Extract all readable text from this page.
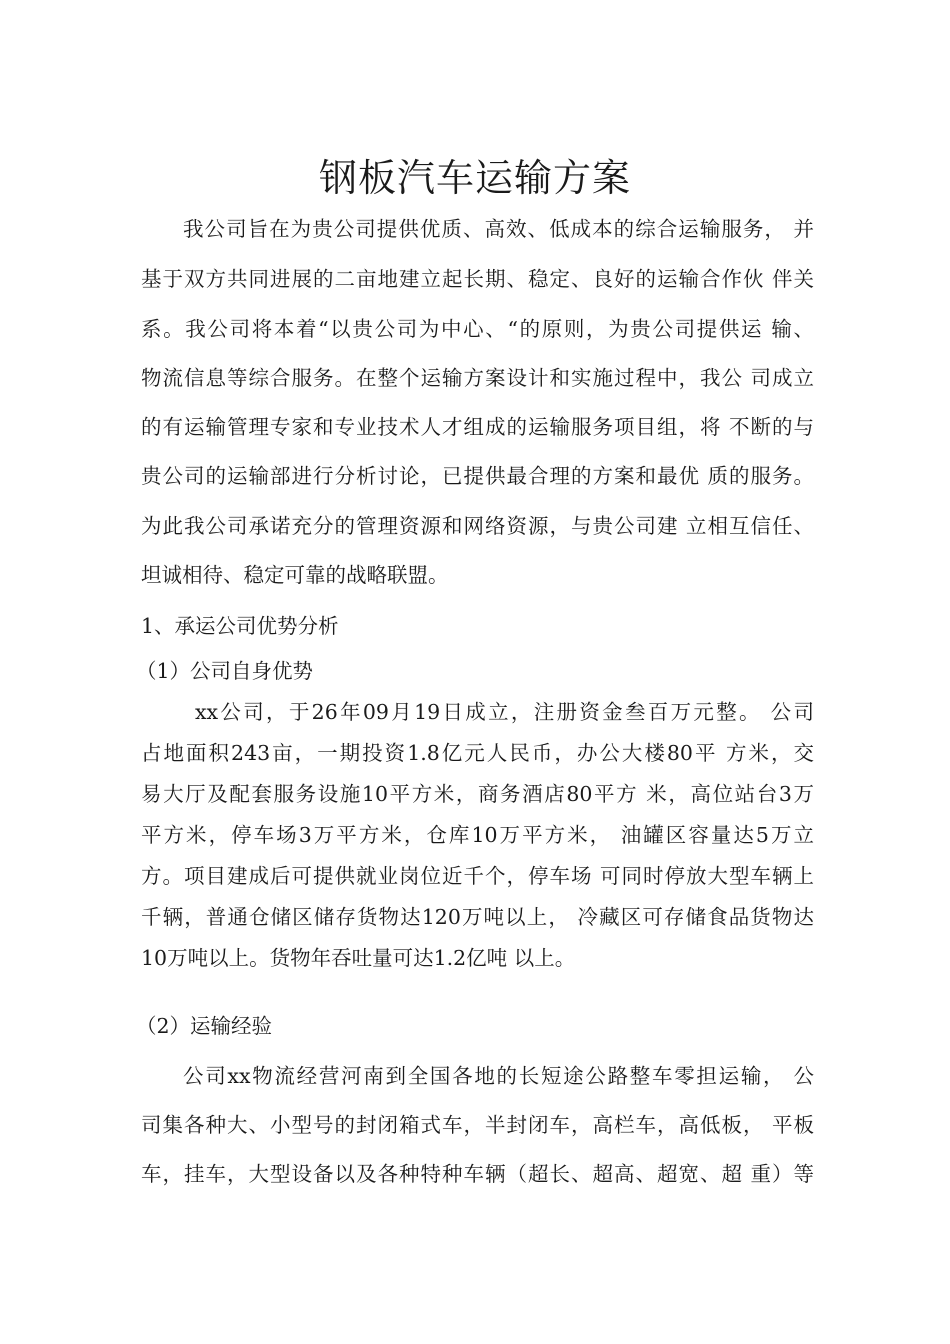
钢板汽车运输方案
我公司旨在为贵公司提供优质、高效、低成本的综合运输服务， 并
基于双方共同进展的二亩地建立起长期、稳定、良好的运输合作伙 伴关
系。我公司将本着“以贵公司为中心、“的原则，为贵公司提供运 输、
物流信息等综合服务。在整个运输方案设计和实施过程中，我公 司成立
的有运输管理专家和专业技术人才组成的运输服务项目组，将 不断的与
贵公司的运输部进行分析讨论，已提供最合理的方案和最优 质的服务。
为此我公司承诺充分的管理资源和网络资源，与贵公司建 立相互信任、
坦诚相待、稳定可靠的战略联盟。
1、承运公司优势分析
（1）公司自身优势
xx公司，于26年09月19日成立，注册资金叁百万元整。 公司
占地面积243亩，一期投资1.8亿元人民币，办公大楼80平 方米，交
易大厅及配套服务设施10平方米，商务酒店80平方 米，高位站台3万
平方米，停车场3万平方米，仓库10万平方米， 油罐区容量达5万立
方。项目建成后可提供就业岗位近千个，停车场 可同时停放大型车辆上
千辆，普通仓储区储存货物达120万吨以上， 冷藏区可存储食品货物达
10万吨以上。货物年吞吐量可达1.2亿吨 以上。
（2）运输经验
公司xx物流经营河南到全国各地的长短途公路整车零担运输， 公
司集各种大、小型号的封闭箱式车，半封闭车，高栏车，高低板， 平板
车，挂车，大型设备以及各种特种车辆（超长、超高、超宽、超 重）等
